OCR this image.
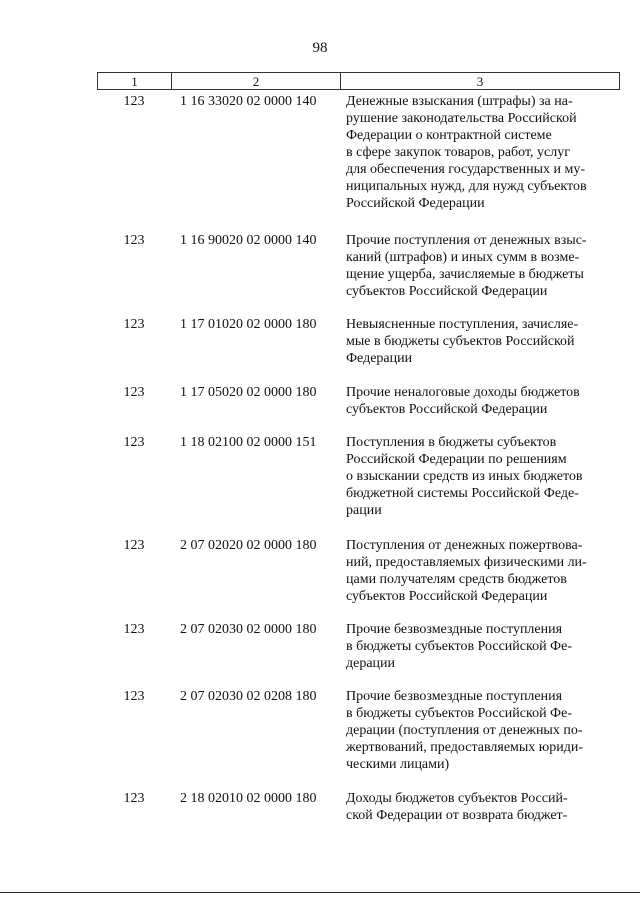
98
1	2	3
123	1 16 33020 02 0000 140	Денежные взыскания (штрафы) за на-
рушение законодательства Российской
Федерации о контрактной системе
в сфере закупок товаров, работ, услуг
для обеспечения государственных и му-
ниципальных нужд, для нужд субъектов
Российской Федерации
123	1 16 90020 02 0000 140	Прочие поступления от денежных взыс-
каний (штрафов) и иных сумм в возме-
щение ущерба, зачисляемые в бюджеты
субъектов Российской Федерации
123	1 17 01020 02 0000 180	Невыясненные поступления, зачисляе-
мые в бюджеты субъектов Российской
Федерации
123	1 17 05020 02 0000 180	Прочие неналоговые доходы бюджетов
субъектов Российской Федерации
123	1 18 02100 02 0000 151	Поступления в бюджеты субъектов
Российской Федерации по решениям
о взыскании средств из иных бюджетов
бюджетной системы Российской Феде-
рации
123	2 07 02020 02 0000 180	Поступления от денежных пожертвова-
ний, предоставляемых физическими ли-
цами получателям средств бюджетов
субъектов Российской Федерации
123	2 07 02030 02 0000 180	Прочие безвозмездные поступления
в бюджеты субъектов Российской Фе-
дерации
123	2 07 02030 02 0208 180	Прочие безвозмездные поступления
в бюджеты субъектов Российской Фе-
дерации (поступления от денежных по-
жертвований, предоставляемых юриди-
ческими лицами)
123	2 18 02010 02 0000 180	Доходы бюджетов субъектов Россий-
ской Федерации от возврата бюджет-
